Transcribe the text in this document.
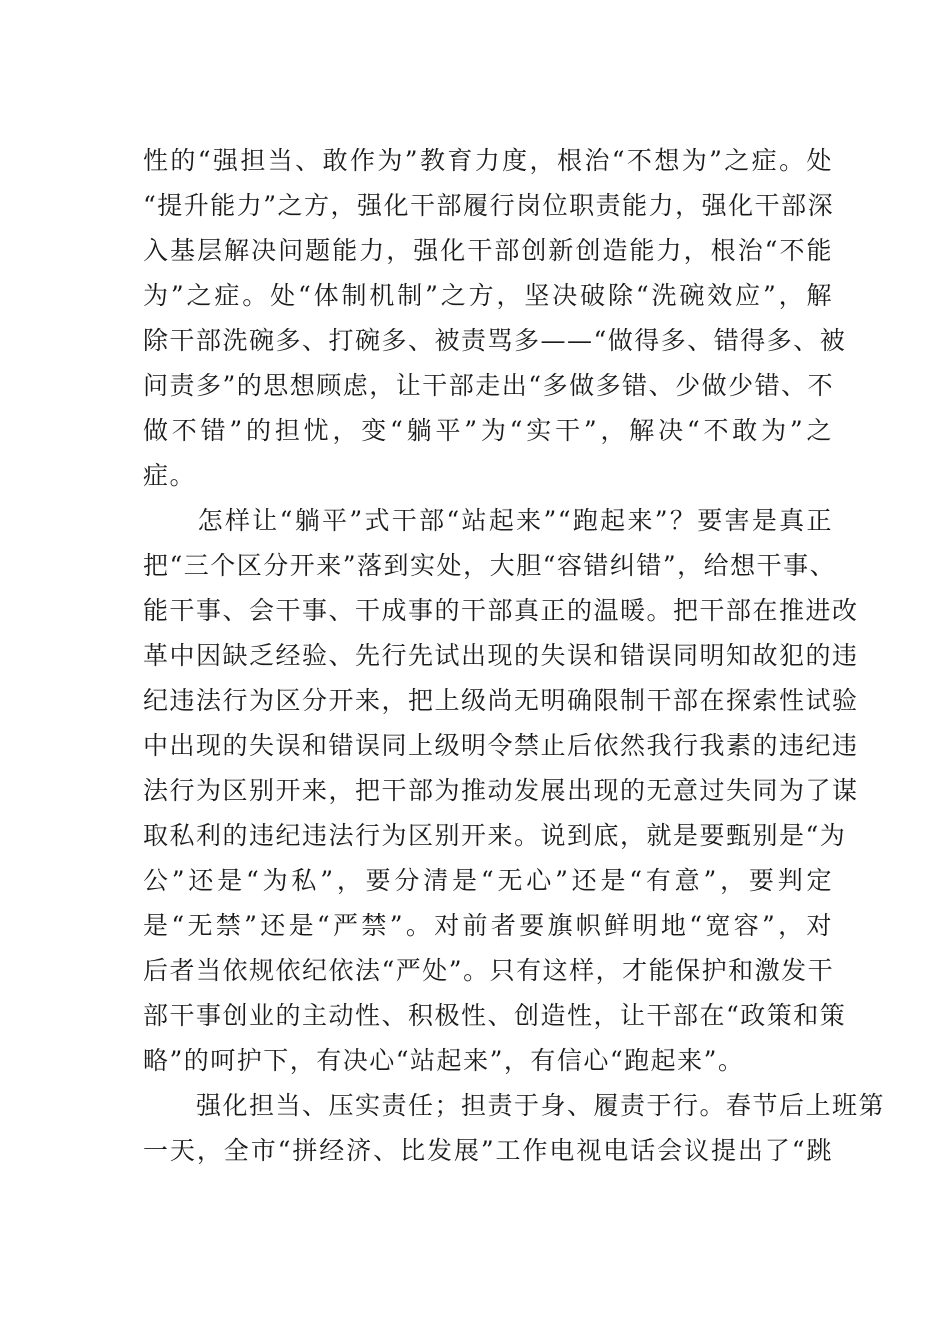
性的“强担当、敢作为”教育力度，根治“不想为”之症。处
“提升能力”之方，强化干部履行岗位职责能力，强化干部深
入基层解决问题能力，强化干部创新创造能力，根治“不能
为”之症。处“体制机制”之方，坚决破除“洗碗效应”，解
除干部洗碗多、打碗多、被责骂多——“做得多、错得多、被
问责多”的思想顾虑，让干部走出“多做多错、少做少错、不
做不错”的担忧，变“躺平”为“实干”，解决“不敢为”之
症。
　　怎样让“躺平”式干部“站起来”“跑起来”？要害是真正
把“三个区分开来”落到实处，大胆“容错纠错”，给想干事、
能干事、会干事、干成事的干部真正的温暖。把干部在推进改
革中因缺乏经验、先行先试出现的失误和错误同明知故犯的违
纪违法行为区分开来，把上级尚无明确限制干部在探索性试验
中出现的失误和错误同上级明令禁止后依然我行我素的违纪违
法行为区别开来，把干部为推动发展出现的无意过失同为了谋
取私利的违纪违法行为区别开来。说到底，就是要甄别是“为
公”还是“为私”，要分清是“无心”还是“有意”，要判定
是“无禁”还是“严禁”。对前者要旗帜鲜明地“宽容”，对
后者当依规依纪依法“严处”。只有这样，才能保护和激发干
部干事创业的主动性、积极性、创造性，让干部在“政策和策
略”的呵护下，有决心“站起来”，有信心“跑起来”。
　　强化担当、压实责任；担责于身、履责于行。春节后上班第
一天，全市“拼经济、比发展”工作电视电话会议提出了“跳
